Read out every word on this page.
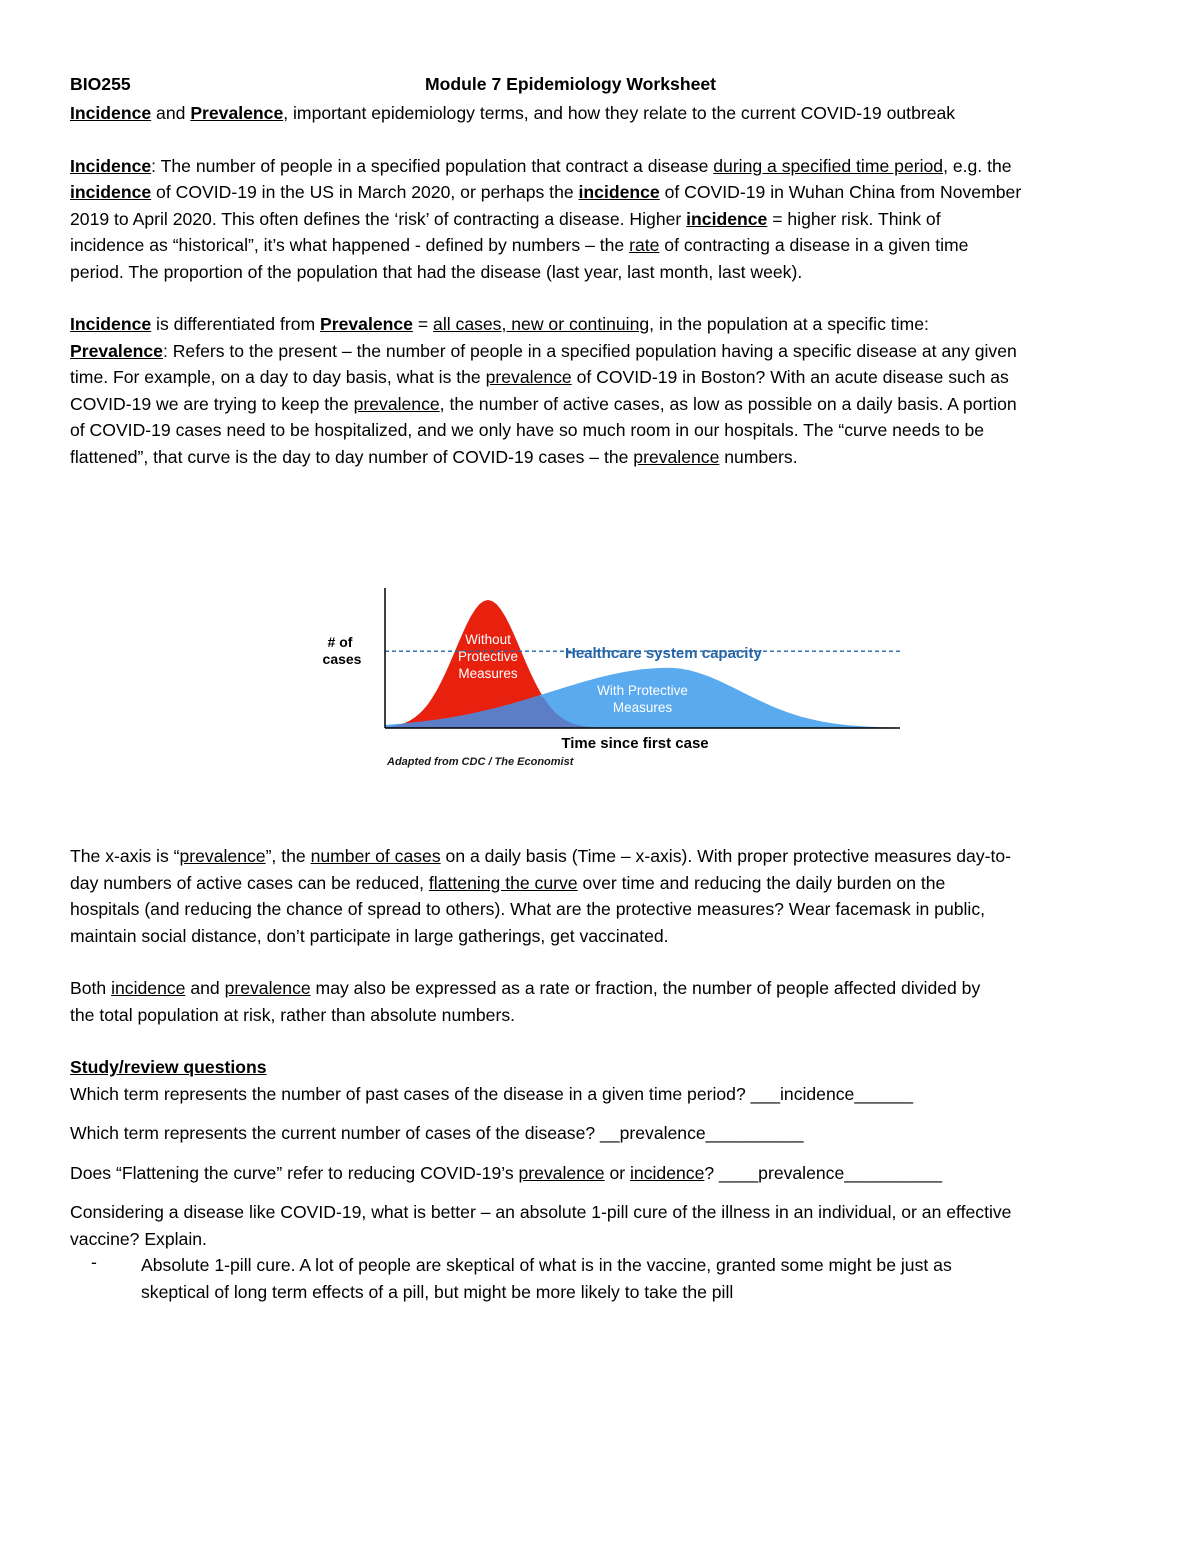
BIO255	Module 7 Epidemiology Worksheet
Incidence and Prevalence, important epidemiology terms, and how they relate to the current COVID-19 outbreak
Incidence: The number of people in a specified population that contract a disease during a specified time period, e.g. the
incidence of COVID-19 in the US in March 2020, or perhaps the incidence of COVID-19 in Wuhan China from November
2019 to April 2020. This often defines the ‘risk’ of contracting a disease. Higher incidence = higher risk. Think of
incidence as “historical”, it’s what happened - defined by numbers – the rate of contracting a disease in a given time
period. The proportion of the population that had the disease (last year, last month, last week).
Incidence is differentiated from Prevalence = all cases, new or continuing, in the population at a specific time:
Prevalence: Refers to the present – the number of people in a specified population having a specific disease at any given
time. For example, on a day to day basis, what is the prevalence of COVID-19 in Boston? With an acute disease such as
COVID-19 we are trying to keep the prevalence, the number of active cases, as low as possible on a daily basis. A portion
of COVID-19 cases need to be hospitalized, and we only have so much room in our hospitals. The “curve needs to be
flattened”, that curve is the day to day number of COVID-19 cases – the prevalence numbers.
The x-axis is “prevalence”, the number of cases on a daily basis (Time – x-axis). With proper protective measures day-to-
day numbers of active cases can be reduced, flattening the curve over time and reducing the daily burden on the
hospitals (and reducing the chance of spread to others). What are the protective measures? Wear facemask in public,
maintain social distance, don’t participate in large gatherings, get vaccinated.
Both incidence and prevalence may also be expressed as a rate or fraction, the number of people affected divided by
the total population at risk, rather than absolute numbers.
Study/review questions
Which term represents the number of past cases of the disease in a given time period? ___incidence______
Which term represents the current number of cases of the disease? __prevalence__________
Does “Flattening the curve” refer to reducing COVID-19’s prevalence or incidence? ____prevalence__________
Considering a disease like COVID-19, what is better – an absolute 1-pill cure of the illness in an individual, or an effective
vaccine? Explain.
-	Absolute 1-pill cure. A lot of people are skeptical of what is in the vaccine, granted some might be just as
skeptical of long term effects of a pill, but might be more likely to take the pill
# of
cases
Without
Protective
Measures
With Protective
Measures
Healthcare system capacity
Time since first case
Adapted from CDC / The Economist
